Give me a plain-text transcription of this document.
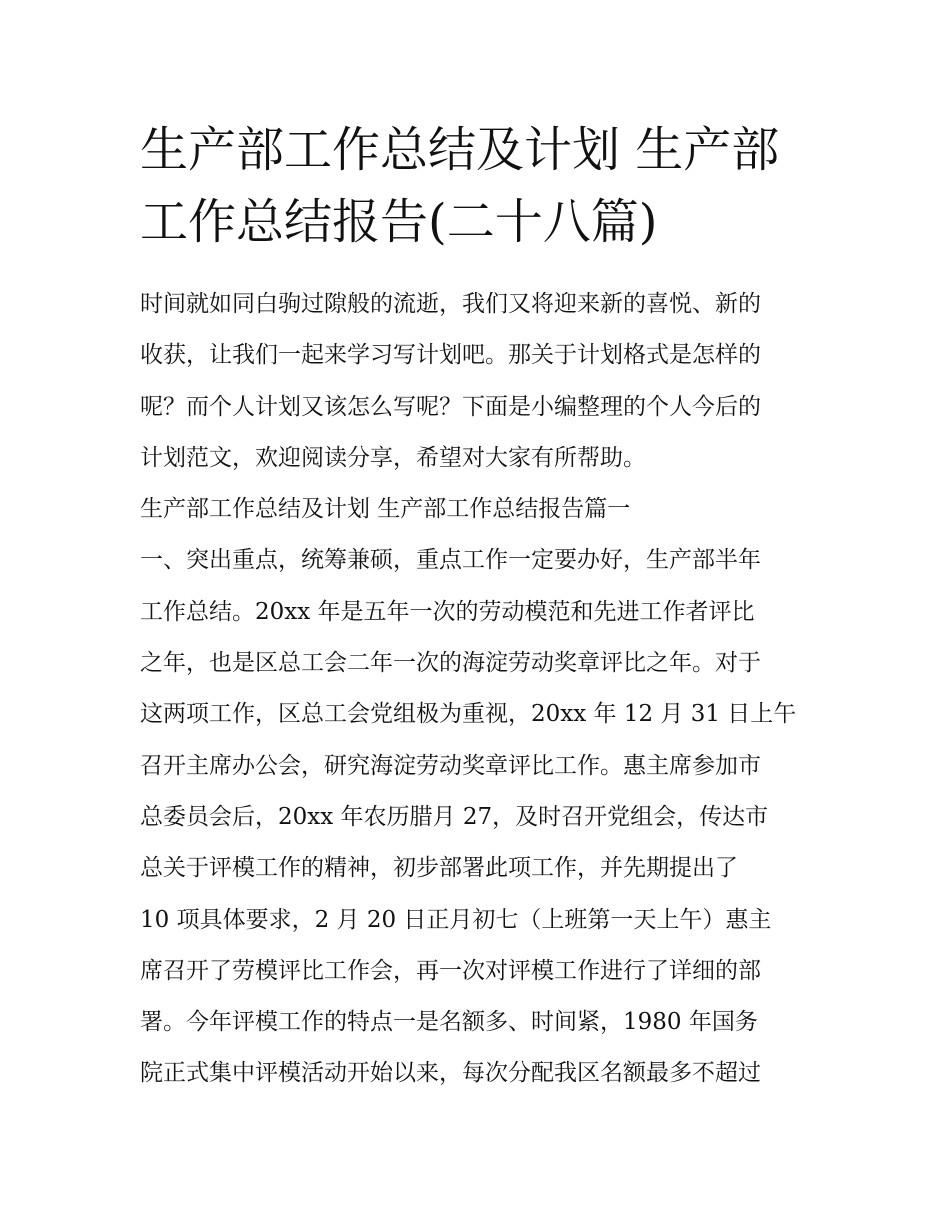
生产部工作总结及计划 生产部
工作总结报告(二十八篇)
时间就如同白驹过隙般的流逝，我们又将迎来新的喜悦、新的
收获，让我们一起来学习写计划吧。那关于计划格式是怎样的
呢？而个人计划又该怎么写呢？下面是小编整理的个人今后的
计划范文，欢迎阅读分享，希望对大家有所帮助。
生产部工作总结及计划 生产部工作总结报告篇一
一、突出重点，统筹兼硕，重点工作一定要办好，生产部半年
工作总结。20xx 年是五年一次的劳动模范和先进工作者评比
之年，也是区总工会二年一次的海淀劳动奖章评比之年。对于
这两项工作，区总工会党组极为重视，20xx 年 12 月 31 日上午
召开主席办公会，研究海淀劳动奖章评比工作。惠主席参加市
总委员会后，20xx 年农历腊月 27，及时召开党组会，传达市
总关于评模工作的精神，初步部署此项工作，并先期提出了
10 项具体要求，2 月 20 日正月初七（上班第一天上午）惠主
席召开了劳模评比工作会，再一次对评模工作进行了详细的部
署。今年评模工作的特点一是名额多、时间紧，1980 年国务
院正式集中评模活动开始以来，每次分配我区名额最多不超过
